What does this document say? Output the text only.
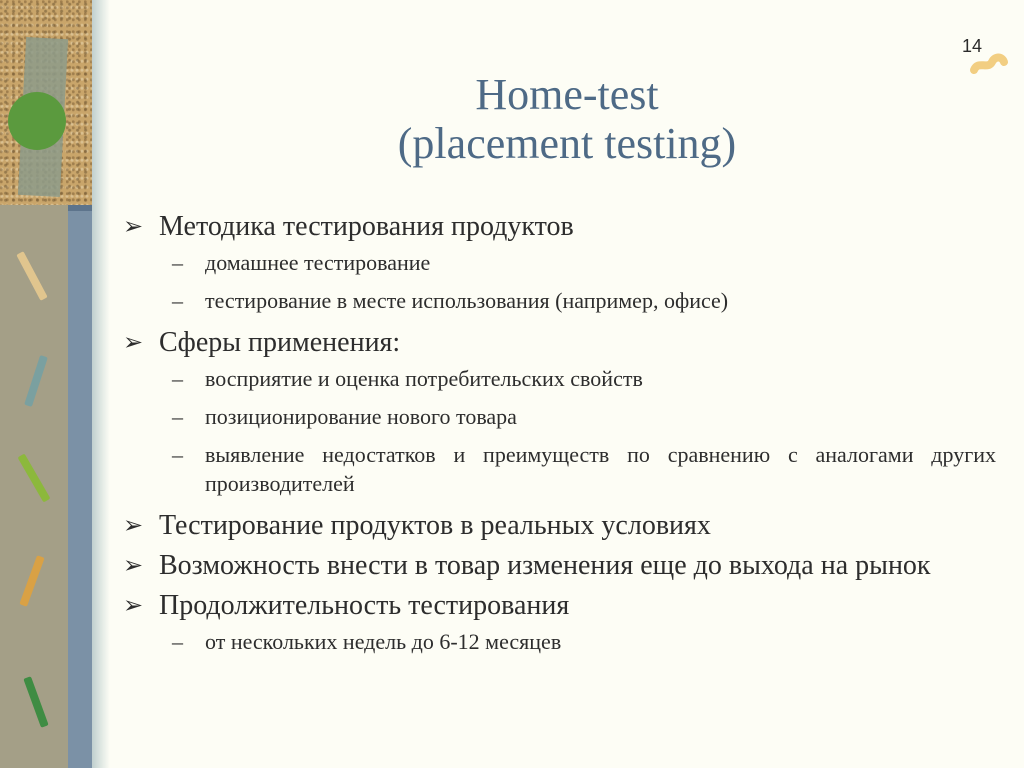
14
Home-test
(placement testing)
➢ Методика тестирования продуктов
– домашнее тестирование
– тестирование в месте использования (например, офисе)
➢ Сферы применения:
– восприятие и оценка потребительских свойств
– позиционирование нового товара
– выявление недостатков и преимуществ по сравнению с аналогами других производителей
➢ Тестирование продуктов в реальных условиях
➢ Возможность внести в товар изменения еще до выхода на рынок
➢ Продолжительность тестирования
– от нескольких недель до 6-12 месяцев
